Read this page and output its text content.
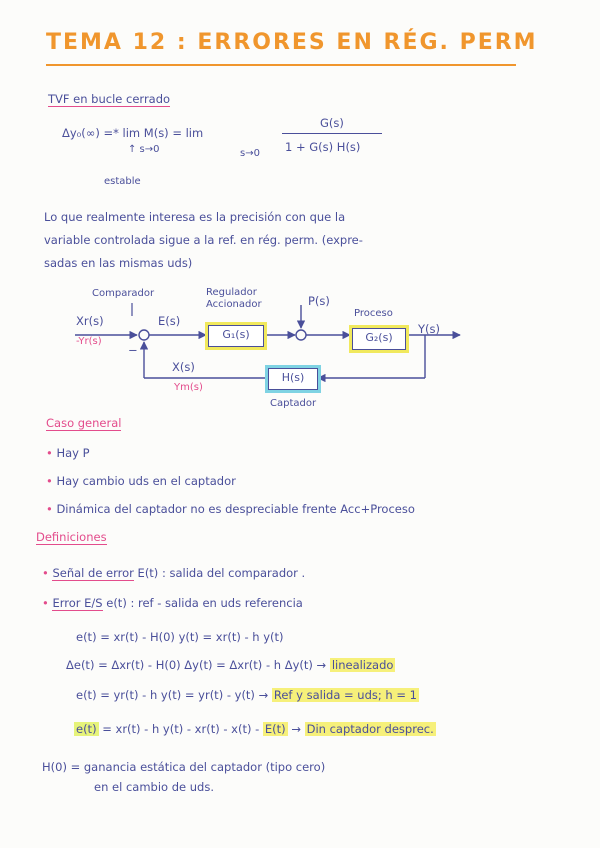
TEMA 12 : ERRORES EN RÉG. PERM
TVF en bucle cerrado
Δy₀(∞) =* lim M(s) = lim
G(s)
1 + G(s) H(s)
↑ s→0	s→0
estable
Lo que realmente interesa es la precisión con que la
variable controlada sigue a la ref. en rég. perm. (expre-
sadas en las mismas uds)
G₁(s)	G₂(s)
H(s)
Comparador	Regulador
Accionador
Proceso
Captador
Xr(s)
-Yr(s)
E(s)
P(s)
Y(s)
X(s)
Ym(s)
−
Caso general
• Hay P
• Hay cambio uds en el captador
• Dinámica del captador no es despreciable frente Acc+Proceso
Definiciones
• Señal de error E(t) : salida del comparador .
• Error E/S e(t) : ref - salida en uds referencia
e(t) = xr(t) - H(0) y(t) = xr(t) - h y(t)
Δe(t) = Δxr(t) - H(0) Δy(t) = Δxr(t) - h Δy(t) → linealizado
e(t) = yr(t) - h y(t) = yr(t) - y(t) → Ref y salida = uds; h = 1
e(t) = xr(t) - h y(t) - xr(t) - x(t) - E(t) → Din captador desprec.
H(0) = ganancia estática del captador (tipo cero)
en el cambio de uds.
